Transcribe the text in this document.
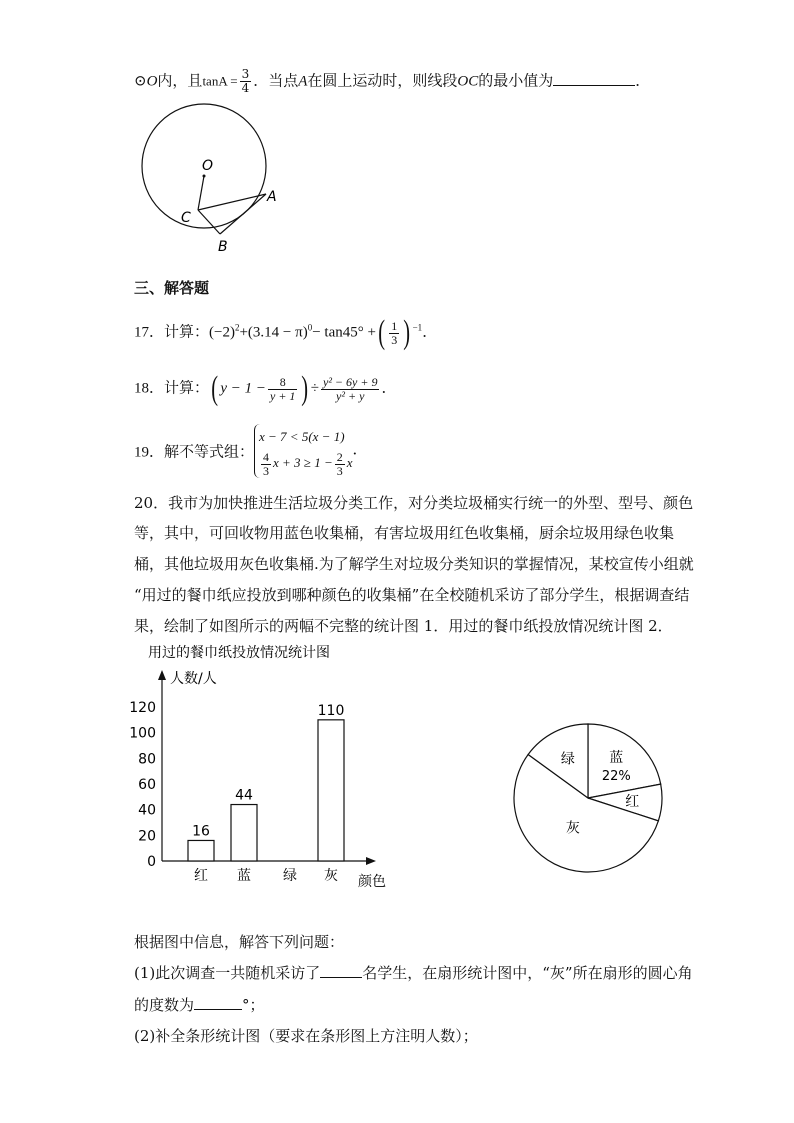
⊙O内，且$\tan A = \frac{3}{4}$ ．当点A在圆上运动时，则线段OC的最小值为	．
O
A
B
C
三、解答题
17．计算：$(-2)^2+(3.14 - \pi)^0- \tan 45^\circ$ +( $\frac{1}{3}$ ) $^{-1}$．
18．计算：( $y - 1 - \frac{8}{y + 1}$ ) ÷ $\frac{\text{y² − 6y + 9}}{\text{y² + y}}$ ．
19．解不等式组：
x − 7 < 5(x − 1)
$\frac{4}{3}$ $x + 3 \ge 1 - \frac{2}{3}$ x
．
20．我市为加快推进生活垃圾分类工作，对分类垃圾桶实行统一的外型、型号、颜色
等，其中，可回收物用蓝色收集桶，有害垃圾用红色收集桶，厨余垃圾用绿色收集
桶，其他垃圾用灰色收集桶.为了解学生对垃圾分类知识的掌握情况，某校宣传小组就
“用过的餐巾纸应投放到哪种颜色的收集桶”在全校随机采访了部分学生，根据调查结
果，绘制了如图所示的两幅不完整的统计图 1．用过的餐巾纸投放情况统计图 2．
用过的餐巾纸投放情况统计图
人数/人
颜色
0
20
40
60
80
100
120
16
红
44
蓝 绿
110
灰
蓝
22%
红
灰
绿
根据图中信息，解答下列问题：
(1)此次调查一共随机采访了	名学生，在扇形统计图中，“灰”所在扇形的圆心角
的度数为	°；
(2)补全条形统计图（要求在条形图上方注明人数）；
